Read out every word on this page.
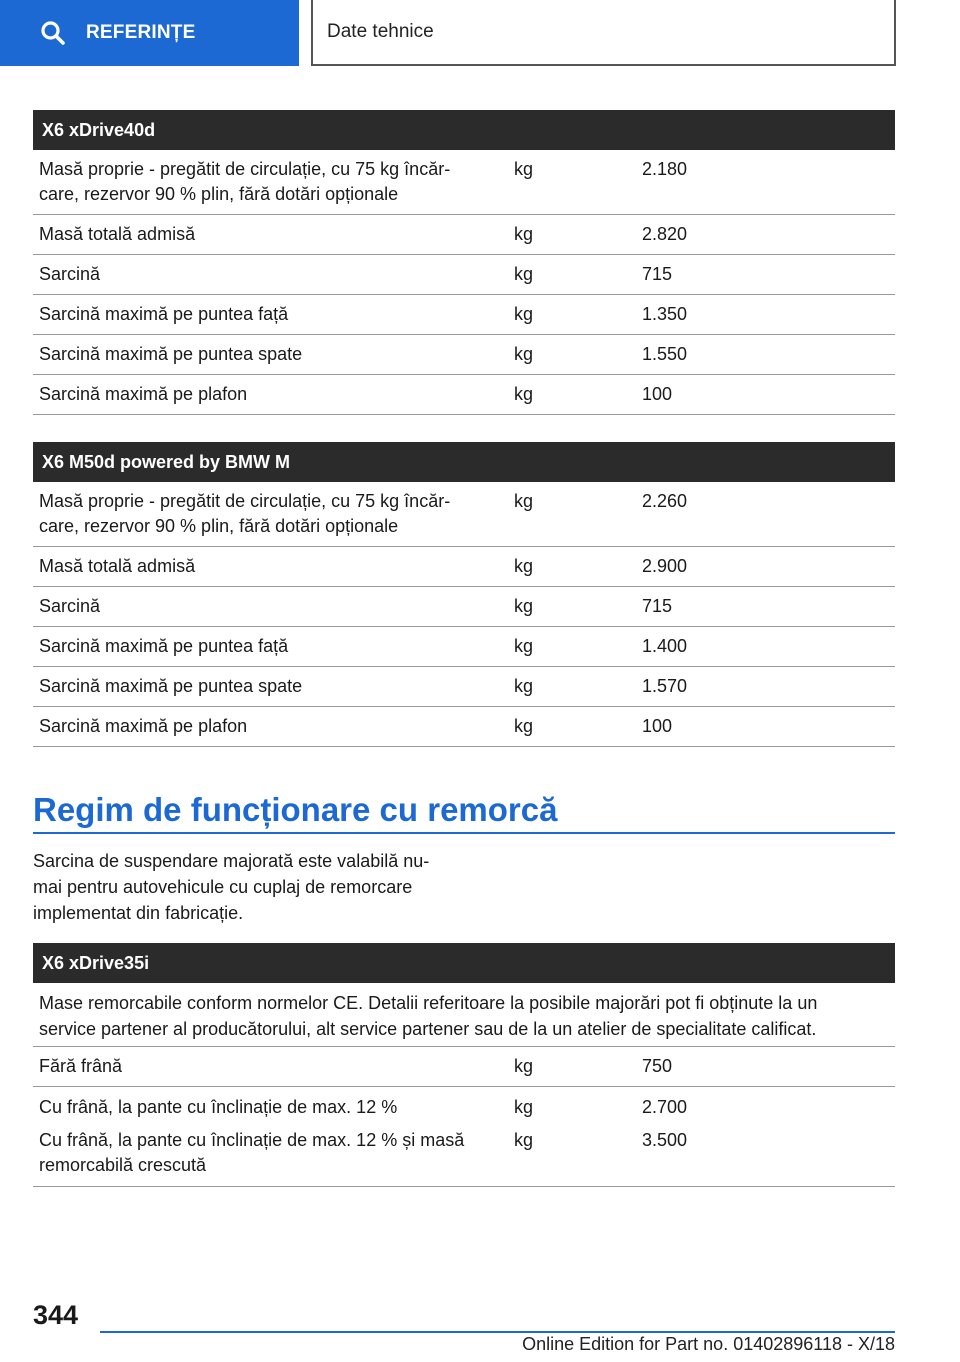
REFERINȚE	Date tehnice
X6 xDrive40d
Masă proprie - pregătit de circulație, cu 75 kg încăr-
care, rezervor 90 % plin, fără dotări opționale
kg	2.180
Masă totală admisă	kg	2.820
Sarcină	kg	715
Sarcină maximă pe puntea față	kg	1.350
Sarcină maximă pe puntea spate	kg	1.550
Sarcină maximă pe plafon	kg	100
X6 M50d powered by BMW M
Masă proprie - pregătit de circulație, cu 75 kg încăr-
care, rezervor 90 % plin, fără dotări opționale
kg	2.260
Masă totală admisă	kg	2.900
Sarcină	kg	715
Sarcină maximă pe puntea față	kg	1.400
Sarcină maximă pe puntea spate	kg	1.570
Sarcină maximă pe plafon	kg	100
Regim de funcționare cu remorcă
Sarcina de suspendare majorată este valabilă nu-
mai pentru autovehicule cu cuplaj de remorcare
implementat din fabricație.
X6 xDrive35i
Mase remorcabile conform normelor CE. Detalii referitoare la posibile majorări pot fi obținute la un
service partener al producătorului, alt service partener sau de la un atelier de specialitate calificat.
Fără frână	kg	750
Cu frână, la pante cu înclinație de max. 12 %	kg	2.700
Cu frână, la pante cu înclinație de max. 12 % și masă
remorcabilă crescută
kg	3.500
344
Online Edition for Part no. 01402896118 - X/18
